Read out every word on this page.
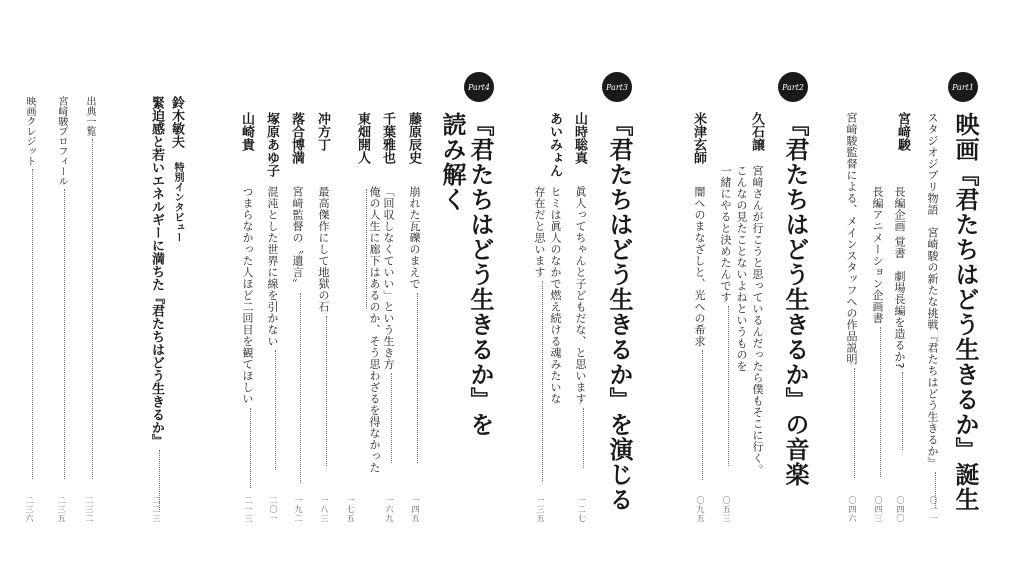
Part1
映画『君たちはどう生きるか』誕生
スタジオジブリ物語　宮崎駿の新たな挑戦『君たちはどう生きるか』
〇一一
宮﨑駿
長編企画 覚書　劇場長編を造るか?
〇四〇
長編アニメーション企画書
〇四三
宮﨑駿監督による、メインスタッフへの作品説明
〇四六
Part2
『君たちはどう生きるか』の音楽
久石譲
宮﨑さんが行こうと思っているんだったら僕もそこに行く。
こんなの見たことないよねというものを
一緒にやると決めたんです
〇五三
米津玄師
闇へのまなざしと、光への希求
〇九五
Part3
『君たちはどう生きるか』を演じる
山時聡真
眞人ってちゃんと子どもだな、と思います
一二七
あいみょん
ヒミは眞人のなかで燃え続ける魂みたいな
存在だと思います
一三五
Part4
『君たちはどう生きるか』を
読み解く
藤原辰史
崩れた瓦礫のまえで
一四五
千葉雅也
「回収しなくていい」という生き方
一六九
東畑開人
俺の人生に廊下はあるのか、そう思わざるを得なかった
一七五
冲方丁
最高傑作にして地獄の石
一八三
落合博満
宮﨑監督の〝遺言〟
一九二
塚原あゆ子
混沌とした世界に線を引かない
二〇一
山崎貴
つまらなかった人ほど二回目を観てほしい
二一三
鈴木敏夫
特別インタビュー
緊迫感と若いエネルギーに満ちた『君たちはどう生きるか』
二二三
出典一覧
二三二
宮﨑駿プロフィール
二三五
映画クレジット
二三六
